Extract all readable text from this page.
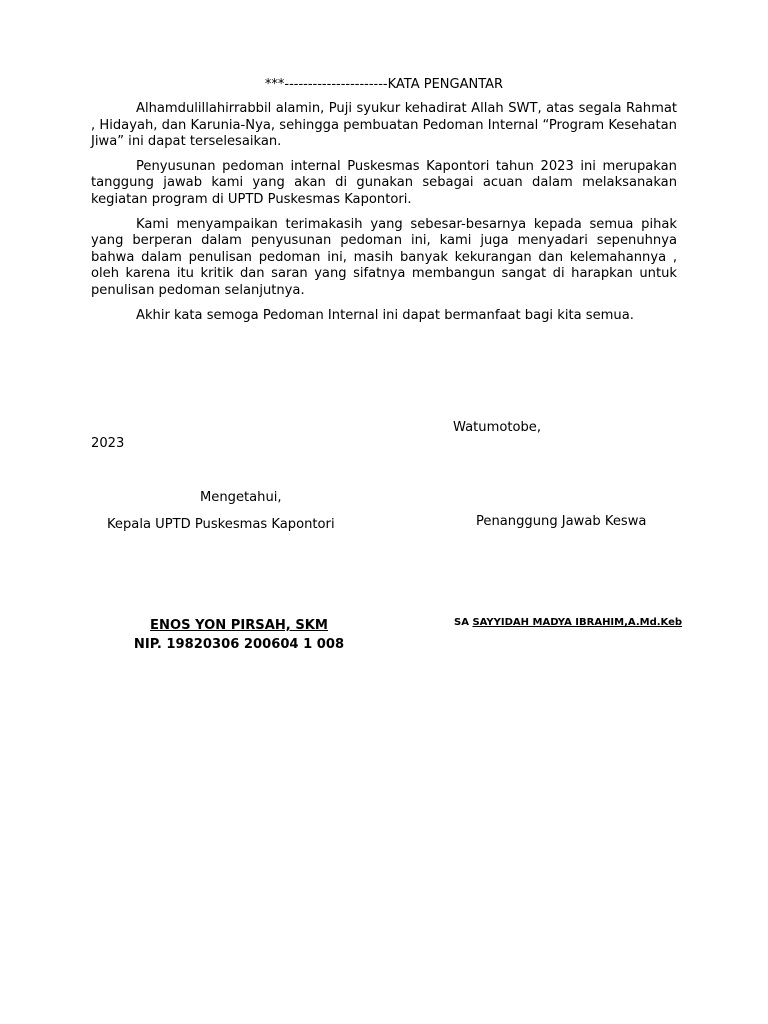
***----------------------KATA PENGANTAR

Alhamdulillahirrabbil alamin, Puji syukur kehadirat Allah SWT, atas segala Rahmat , Hidayah, dan Karunia-Nya, sehingga pembuatan Pedoman Internal “Program Kesehatan Jiwa” ini dapat terselesaikan.

Penyusunan pedoman internal Puskesmas Kapontori tahun 2023 ini merupakan tanggung jawab kami yang akan di gunakan sebagai acuan dalam melaksanakan kegiatan program di UPTD Puskesmas Kapontori.

Kami menyampaikan terimakasih yang sebesar-besarnya kepada semua pihak yang berperan dalam penyusunan pedoman ini, kami juga menyadari sepenuhnya bahwa dalam penulisan pedoman ini, masih banyak kekurangan dan kelemahannya , oleh karena itu kritik dan saran yang sifatnya membangun sangat di harapkan untuk penulisan pedoman selanjutnya.

Akhir kata semoga Pedoman Internal ini dapat bermanfaat bagi kita semua.

Watumotobe,
2023
Mengetahui,
Kepala UPTD Puskesmas Kapontori	Penanggung Jawab Keswa
ENOS YON PIRSAH, SKM
NIP. 19820306 200604 1 008
SA SAYYIDAH MADYA IBRAHIM,A.Md.Keb
